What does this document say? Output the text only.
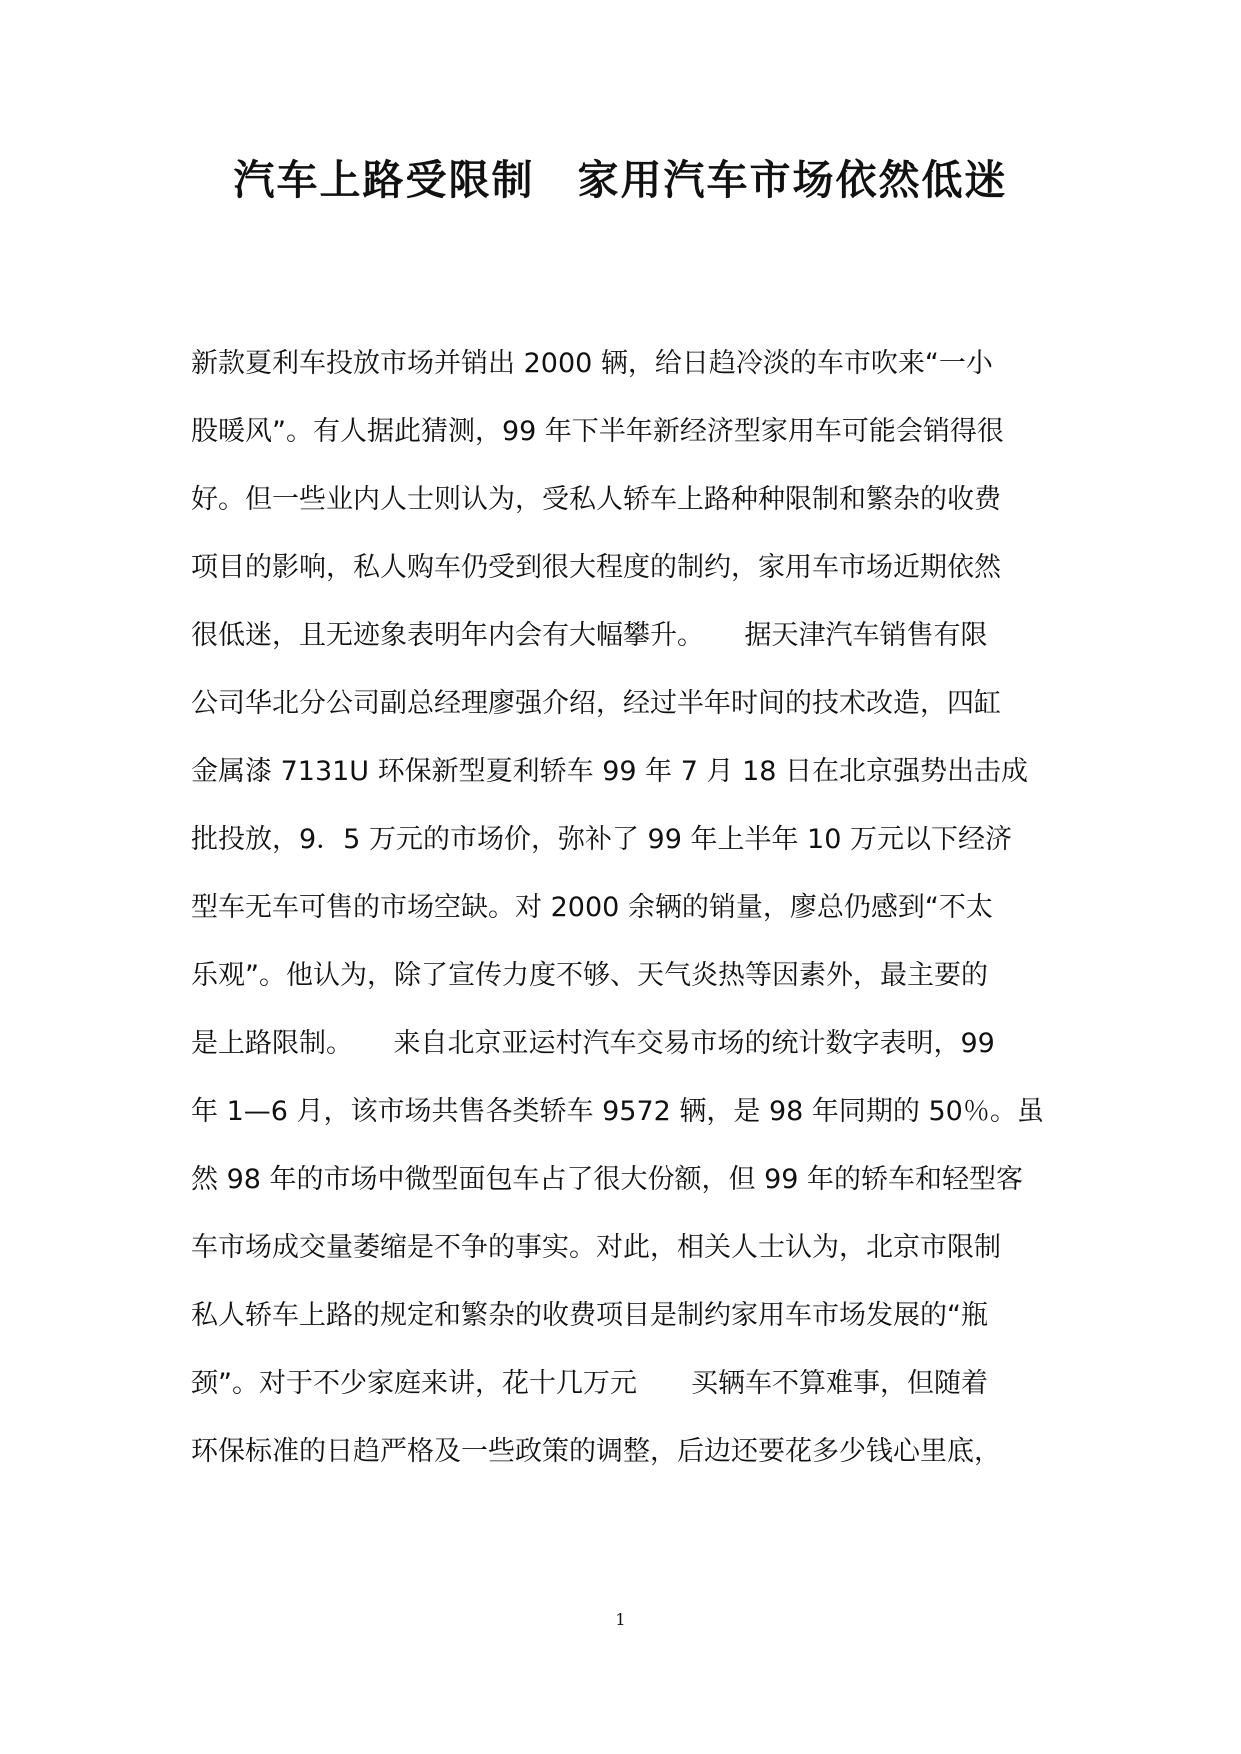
汽车上路受限制　家用汽车市场依然低迷
新款夏利车投放市场并销出 2000 辆，给日趋冷淡的车市吹来“一小
股暖风”。有人据此猜测，99 年下半年新经济型家用车可能会销得很
好。但一些业内人士则认为，受私人轿车上路种种限制和繁杂的收费
项目的影响，私人购车仍受到很大程度的制约，家用车市场近期依然
很低迷，且无迹象表明年内会有大幅攀升。　　据天津汽车销售有限
公司华北分公司副总经理廖强介绍，经过半年时间的技术改造，四缸
金属漆 7131U 环保新型夏利轿车 99 年 7 月 18 日在北京强势出击成
批投放，9．5 万元的市场价，弥补了 99 年上半年 10 万元以下经济
型车无车可售的市场空缺。对 2000 余辆的销量，廖总仍感到“不太
乐观”。他认为，除了宣传力度不够、天气炎热等因素外，最主要的
是上路限制。　　来自北京亚运村汽车交易市场的统计数字表明，99
年 1—6 月，该市场共售各类轿车 9572 辆，是 98 年同期的 50％。虽
然 98 年的市场中微型面包车占了很大份额，但 99 年的轿车和轻型客
车市场成交量萎缩是不争的事实。对此，相关人士认为，北京市限制
私人轿车上路的规定和繁杂的收费项目是制约家用车市场发展的“瓶
颈”。对于不少家庭来讲，花十几万元　　买辆车不算难事，但随着
环保标准的日趋严格及一些政策的调整，后边还要花多少钱心里底，
1
